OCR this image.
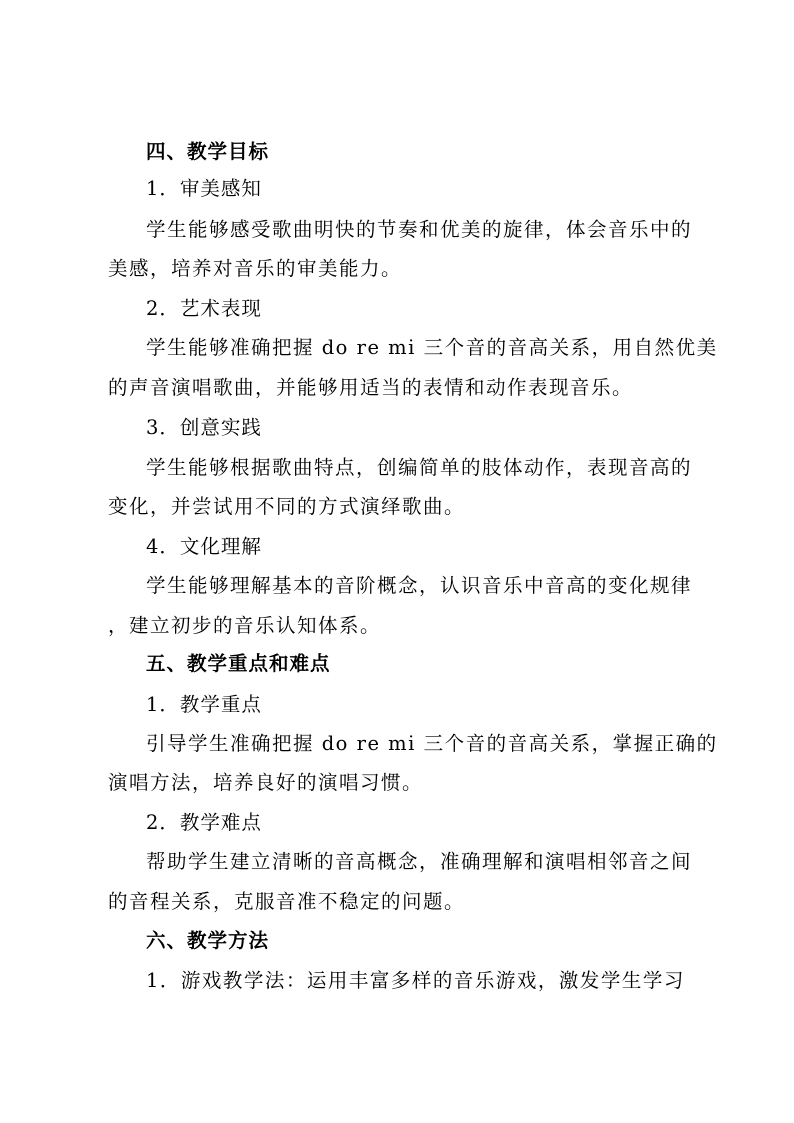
四、教学目标
1．审美感知
学生能够感受歌曲明快的节奏和优美的旋律，体会音乐中的
美感，培养对音乐的审美能力。
2．艺术表现
学生能够准确把握 do re mi 三个音的音高关系，用自然优美
的声音演唱歌曲，并能够用适当的表情和动作表现音乐。
3．创意实践
学生能够根据歌曲特点，创编简单的肢体动作，表现音高的
变化，并尝试用不同的方式演绎歌曲。
4．文化理解
学生能够理解基本的音阶概念，认识音乐中音高的变化规律
，建立初步的音乐认知体系。
五、教学重点和难点
1．教学重点
引导学生准确把握 do re mi 三个音的音高关系，掌握正确的
演唱方法，培养良好的演唱习惯。
2．教学难点
帮助学生建立清晰的音高概念，准确理解和演唱相邻音之间
的音程关系，克服音准不稳定的问题。
六、教学方法
1．游戏教学法：运用丰富多样的音乐游戏，激发学生学习
